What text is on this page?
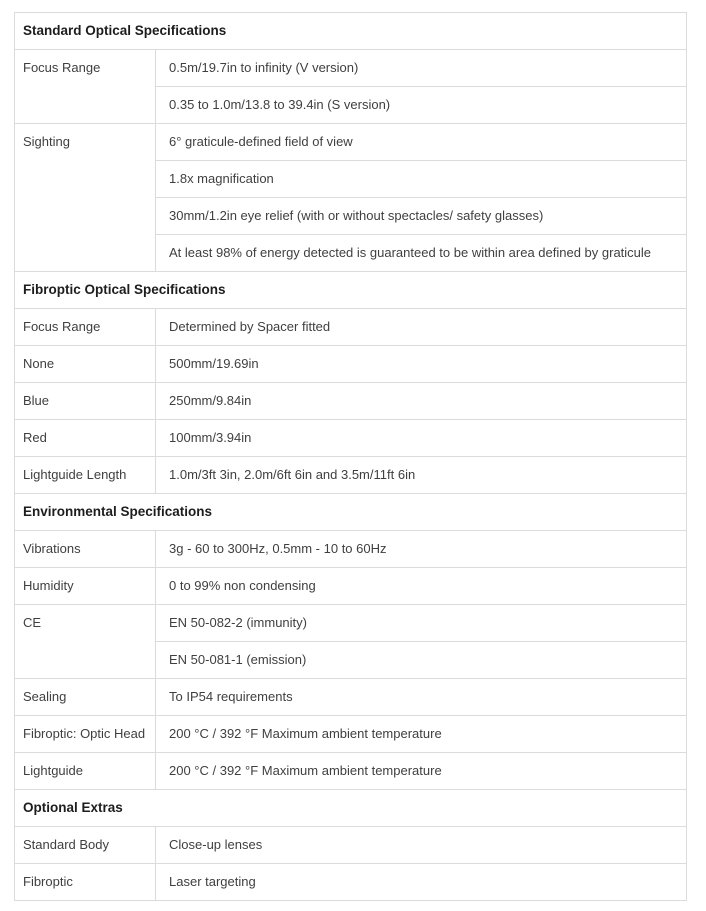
Standard Optical Specifications	
Focus Range	0.5m/19.7in to infinity (V version)
	0.35 to 1.0m/13.8 to 39.4in (S version)
Sighting	6° graticule-defined field of view
	1.8x magnification
	30mm/1.2in eye relief (with or without spectacles/ safety glasses)
	At least 98% of energy detected is guaranteed to be within area defined by graticule
Fibroptic Optical Specifications	
Focus Range	Determined by Spacer fitted
None	500mm/19.69in
Blue	250mm/9.84in
Red	100mm/3.94in
Lightguide Length	1.0m/3ft 3in, 2.0m/6ft 6in and 3.5m/11ft 6in
Environmental Specifications	
Vibrations	3g - 60 to 300Hz, 0.5mm - 10 to 60Hz
Humidity	0 to 99% non condensing
CE	EN 50-082-2 (immunity)
	EN 50-081-1 (emission)
Sealing	To IP54 requirements
Fibroptic: Optic Head	200 °C / 392 °F Maximum ambient temperature
Lightguide	200 °C / 392 °F Maximum ambient temperature
Optional Extras	
Standard Body	Close-up lenses
Fibroptic	Laser targeting
